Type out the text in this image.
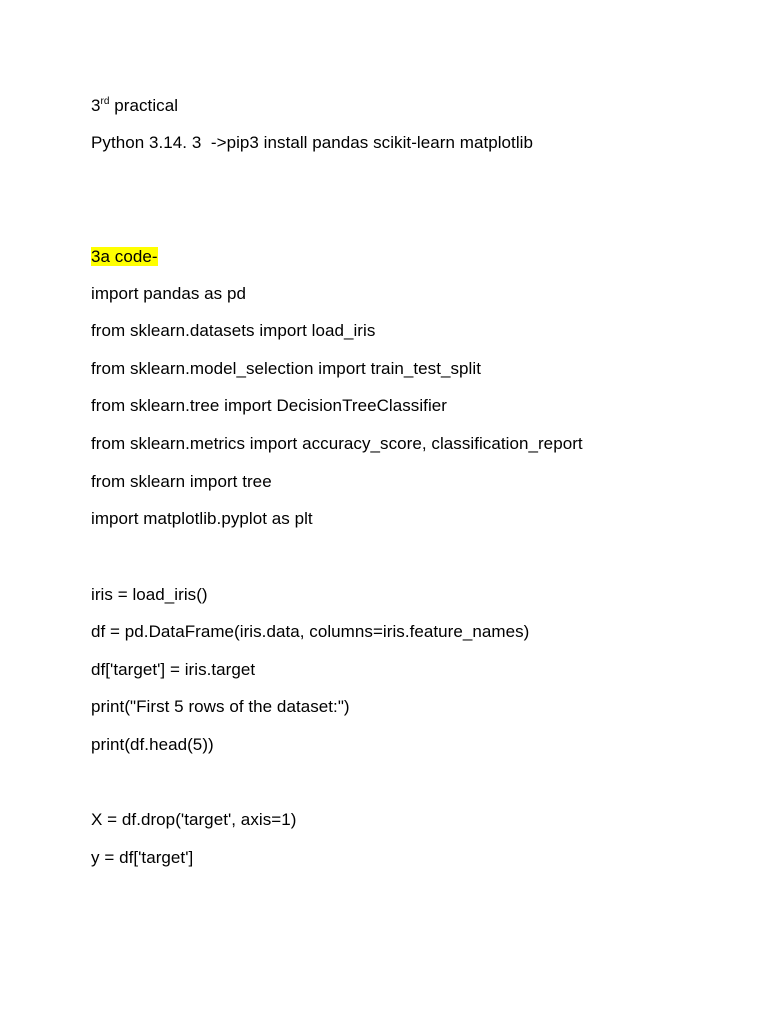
3rd practical
Python 3.14. 3  ->pip3 install pandas scikit-learn matplotlib
3a code-
import pandas as pd
from sklearn.datasets import load_iris
from sklearn.model_selection import train_test_split
from sklearn.tree import DecisionTreeClassifier
from sklearn.metrics import accuracy_score, classification_report
from sklearn import tree
import matplotlib.pyplot as plt
iris = load_iris()
df = pd.DataFrame(iris.data, columns=iris.feature_names)
df['target'] = iris.target
print("First 5 rows of the dataset:")
print(df.head(5))
X = df.drop('target', axis=1)
y = df['target']
